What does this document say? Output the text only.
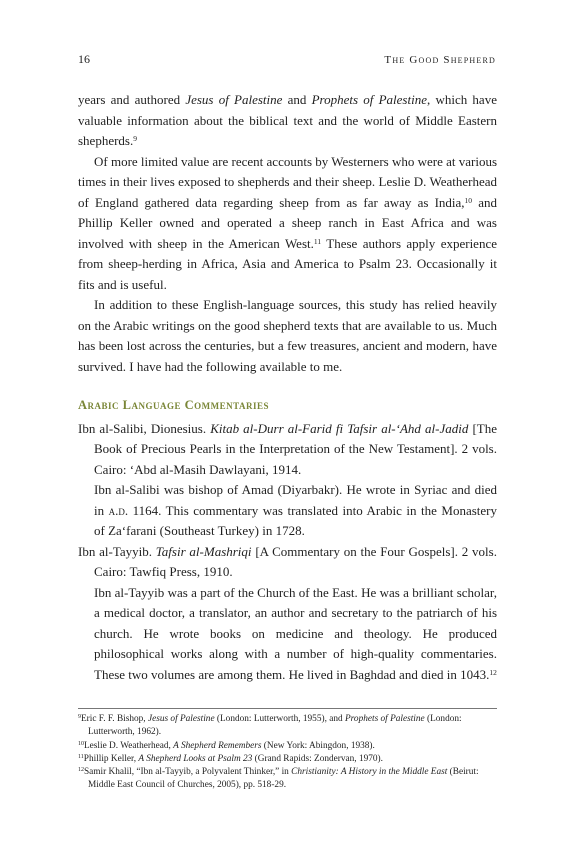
16	The Good Shepherd

years and authored Jesus of Palestine and Prophets of Palestine, which have valuable information about the biblical text and the world of Middle Eastern shepherds.$^9$

Of more limited value are recent accounts by Westerners who were at various times in their lives exposed to shepherds and their sheep. Leslie D. Weatherhead of England gathered data regarding sheep from as far away as India,$^{10}$ and Phillip Keller owned and operated a sheep ranch in East Africa and was involved with sheep in the American West.$^{11}$ These authors apply experience from sheep-herding in Africa, Asia and America to Psalm 23. Occasionally it fits and is useful.

In addition to these English-language sources, this study has relied heavily on the Arabic writings on the good shepherd texts that are available to us. Much has been lost across the centuries, but a few treasures, ancient and modern, have survived. I have had the following available to me.

Arabic Language Commentaries

Ibn al-Salibi, Dionesius. Kitab al-Durr al-Farid fi Tafsir al-‘Ahd al-Jadid [The Book of Precious Pearls in the Interpretation of the New Testament]. 2 vols. Cairo: ‘Abd al-Masih Dawlayani, 1914.

Ibn al-Salibi was bishop of Amad (Diyarbakr). He wrote in Syriac and died in a.d. 1164. This commentary was translated into Arabic in the Monastery of Za‘farani (Southeast Turkey) in 1728.

Ibn al-Tayyib. Tafsir al-Mashriqi [A Commentary on the Four Gospels]. 2 vols. Cairo: Tawfiq Press, 1910.

Ibn al-Tayyib was a part of the Church of the East. He was a brilliant scholar, a medical doctor, a translator, an author and secretary to the patriarch of his church. He wrote books on medicine and theology. He produced philosophical works along with a number of high-quality commentaries. These two volumes are among them. He lived in Baghdad and died in 1043.12

$^9$Eric F. F. Bishop, Jesus of Palestine (London: Lutterworth, 1955), and Prophets of Palestine (London: Lutterworth, 1962).

$^{10}$Leslie D. Weatherhead, A Shepherd Remembers (New York: Abingdon, 1938).

$^{11}$Phillip Keller, A Shepherd Looks at Psalm 23 (Grand Rapids: Zondervan, 1970).

$^{12}$Samir Khalil, “Ibn al-Tayyib, a Polyvalent Thinker,” in Christianity: A History in the Middle East (Beirut: Middle East Council of Churches, 2005), pp. 518-29.
